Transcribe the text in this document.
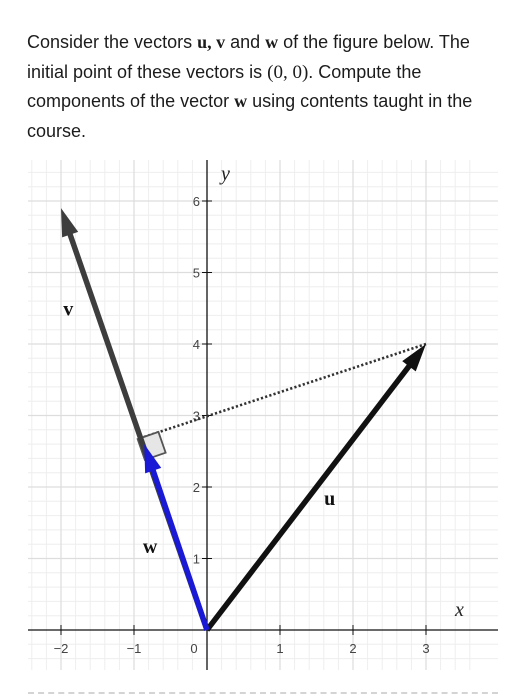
Consider the vectors u, v and w of the figure below. The initial point of these vectors is (0, 0). Compute the components of the vector w using contents taught in the course.
x
y
−2	−1	0	1	2	3
1
2
3
4
5
6
u
v
w
